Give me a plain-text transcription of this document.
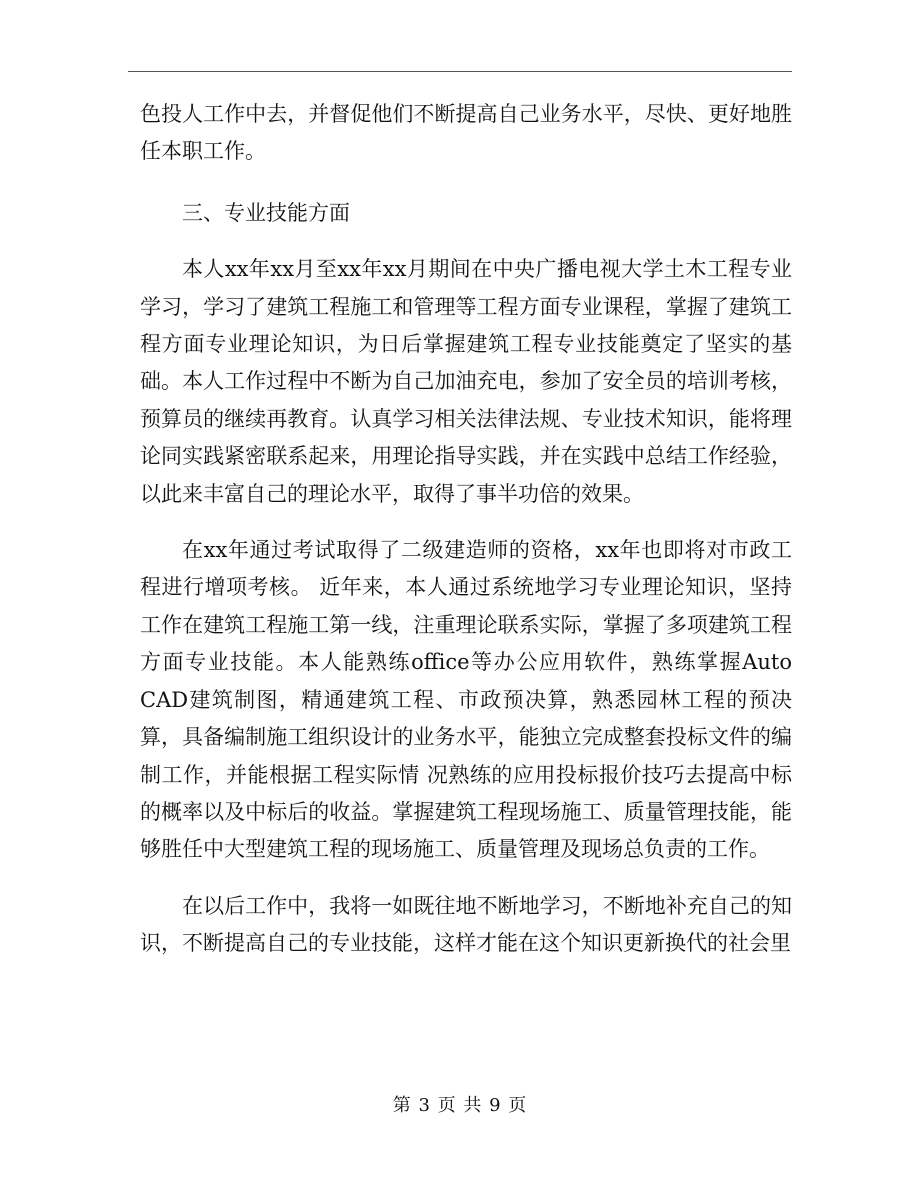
色投人工作中去，并督促他们不断提高自己业务水平，尽快、更好地胜任本职工作。

三、专业技能方面

本人xx年xx月至xx年xx月期间在中央广播电视大学土木工程专业学习，学习了建筑工程施工和管理等工程方面专业课程，掌握了建筑工程方面专业理论知识，为日后掌握建筑工程专业技能奠定了坚实的基础。本人工作过程中不断为自己加油充电，参加了安全员的培训考核，预算员的继续再教育。认真学习相关法律法规、专业技术知识，能将理论同实践紧密联系起来，用理论指导实践，并在实践中总结工作经验，以此来丰富自己的理论水平，取得了事半功倍的效果。

在xx年通过考试取得了二级建造师的资格，xx年也即将对市政工程进行增项考核。 近年来，本人通过系统地学习专业理论知识，坚持工作在建筑工程施工第一线，注重理论联系实际，掌握了多项建筑工程方面专业技能。本人能熟练office等办公应用软件，熟练掌握Auto CAD建筑制图，精通建筑工程、市政预决算，熟悉园林工程的预决算，具备编制施工组织设计的业务水平，能独立完成整套投标文件的编制工作，并能根据工程实际情 况熟练的应用投标报价技巧去提高中标的概率以及中标后的收益。掌握建筑工程现场施工、质量管理技能，能够胜任中大型建筑工程的现场施工、质量管理及现场总负责的工作。

在以后工作中，我将一如既往地不断地学习，不断地补充自己的知识，不断提高自己的专业技能，这样才能在这个知识更新换代的社会里

第 3 页 共 9 页
